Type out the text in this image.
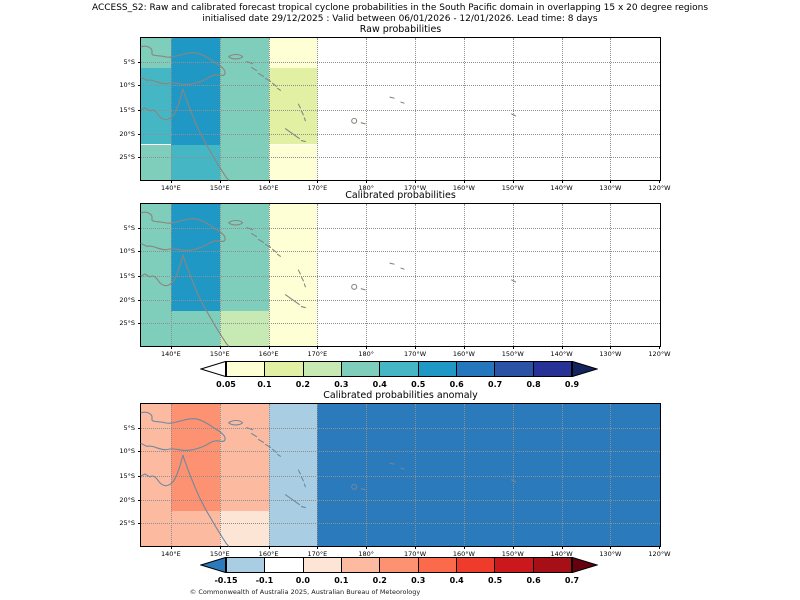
ACCESS_S2: Raw and calibrated forecast tropical cyclone probabilities in the South Pacific domain in overlapping 15 x 20 degree regions
initialised date 29/12/2025 : Valid between 06/01/2026 - 12/01/2026. Lead time: 8 days
Raw probabilities
140°E	150°E	160°E	170°E	180°	170°W	160°W	150°W	140°W	130°W	120°W
5°S
10°S
15°S
20°S
25°S
Calibrated probabilities
140°E	150°E	160°E	170°E	180°	170°W	160°W	150°W	140°W	130°W	120°W
5°S
10°S
15°S
20°S
25°S
0.05	0.1	0.2	0.3	0.4	0.5	0.6	0.7	0.8	0.9
Calibrated probabilities anomaly
140°E	150°E	160°E	170°E	180°	170°W	160°W	150°W	140°W	130°W	120°W
5°S
10°S
15°S
20°S
25°S
-0.15 -0.1	0.0	0.1	0.2	0.3	0.4	0.5	0.6	0.7
© Commonwealth of Australia 2025, Australian Bureau of Meteorology
